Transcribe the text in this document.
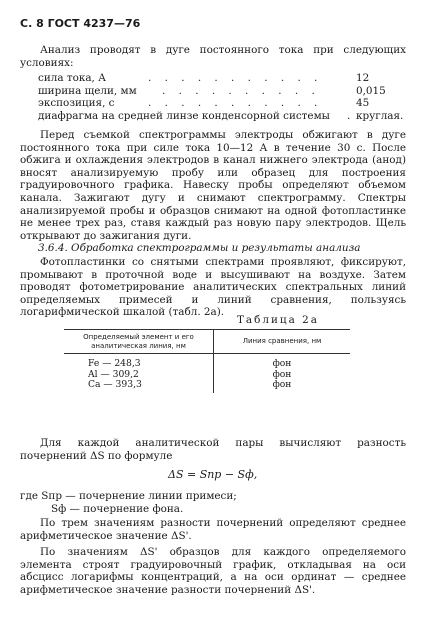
С. 8 ГОСТ 4237—76
Анализ проводят в дуге постоянного тока при следующих условиях:
сила тока, А	. . . . . . . . . . .	12
ширина щели, мм . . . . . . . . . .	0,015
экспозиция, с	. . . . . . . . . . .	45
диафрагма на средней линзе конденсорной системы . круглая.
Перед съемкой спектрограммы электроды обжигают в дуге постоянного тока при силе тока 10—12 А в течение 30 с. После обжига и охлаждения электродов в канал нижнего электрода (анод) вносят анализируемую пробу или образец для построения градуировочного графика. Навеску пробы определяют объемом канала. Зажигают дугу и снимают спектрограмму. Спектры анализируемой пробы и образцов снимают на одной фотопластинке не менее трех раз, ставя каждый раз новую пару электродов. Щель открывают до зажигания дуги.
3.6.4. Обработка спектрограммы и результаты анализа
Фотопластинки со снятыми спектрами проявляют, фиксируют, промывают в проточной воде и высушивают на воздухе. Затем проводят фотометрирование аналитических спектральных линий определяемых примесей и линий сравнения, пользуясь логарифмической шкалой (табл. 2а).
Таблица 2а
Определяемый элемент и его аналитическая линия, нм	Линия сравнения, нм
Fe — 248,3	фон
Al — 309,2	фон
Ca — 393,3	фон
Для каждой аналитической пары вычисляют разность почернений ΔS по формуле
ΔS = Sпр − Sф,
где Sпр — почернение линии примеси;
Sф — почернение фона.
По трем значениям разности почернений определяют среднее арифметическое значение ΔS'.
По значениям ΔS' образцов для каждого определяемого элемента строят градуировочный график, откладывая на оси абсцисс логарифмы концентраций, а на оси ординат — среднее арифметическое значение разности почернений ΔS'.
